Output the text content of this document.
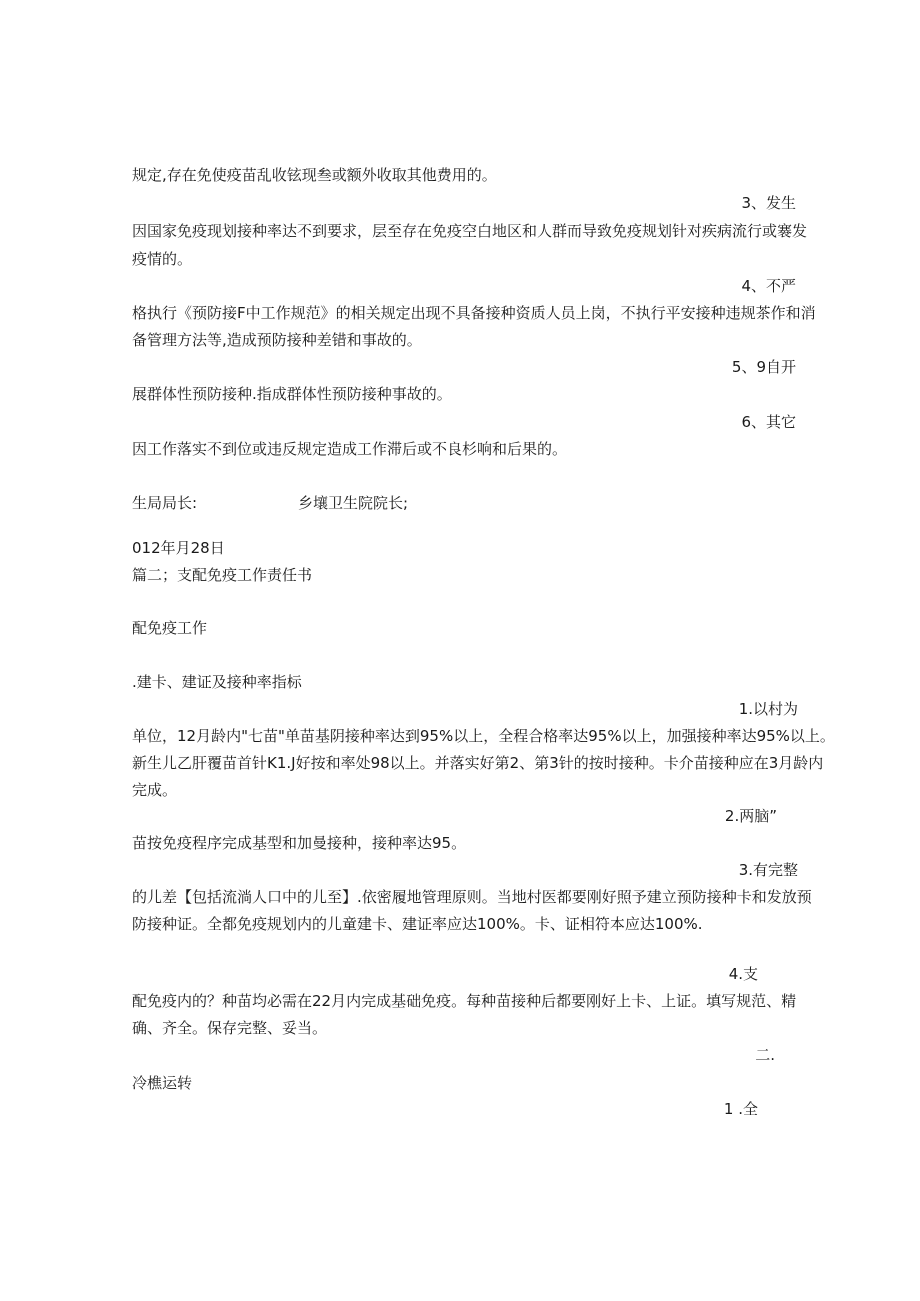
规定,存在免使疫苗乱收铉现叁或额外收取其他费用的。
3、发生
因国家免疫现划接种率达不到要求，层至存在免疫空白地区和人群而导致免疫规划针对疾病流行或褰发
疫情的。
4、不严
格执行《预防接F中工作规范》的相关规定出现不具备接种资质人员上岗，不执行平安接种违规茶作和消
备管理方法等,造成预防接种差错和事故的。
5、9自开
展群体性预防接种.指成群体性预防接种事故的。
6、其它
因工作落实不到位或违反规定造成工作滞后或不良杉响和后果的。
生局局长:	乡壤卫生院院长;
012年月28日
篇二；支配免疫工作责任书
配免疫工作
.建卡、建证及接种率指标
1.以村为
单位，12月龄内"七苗"单苗基阴接种率达到95%以上，全程合格率达95%以上，加强接种率达95%以上。
新生儿乙肝覆苗首针K1.J好按和率处98以上。并落实好第2、第3针的按时接种。卡介苗接种应在3月龄内
完成。
2.两脑”
苗按免疫程序完成基型和加曼接种，接种率达95。
3.有完整
的儿差【包括流淌人口中的儿至】.依密履地管理原则。当地村医都要刚好照予建立预防接种卡和发放预
防接种证。全都免疫规划内的儿童建卡、建证率应达100%。卡、证相符本应达100%.
4.支
配免疫内的？种苗均必需在22月内完成基础免疫。每种苗接种后都要刚好上卡、上证。填写规范、精
确、齐全。保存完整、妥当。
二.
冷樵运转
1 .全
